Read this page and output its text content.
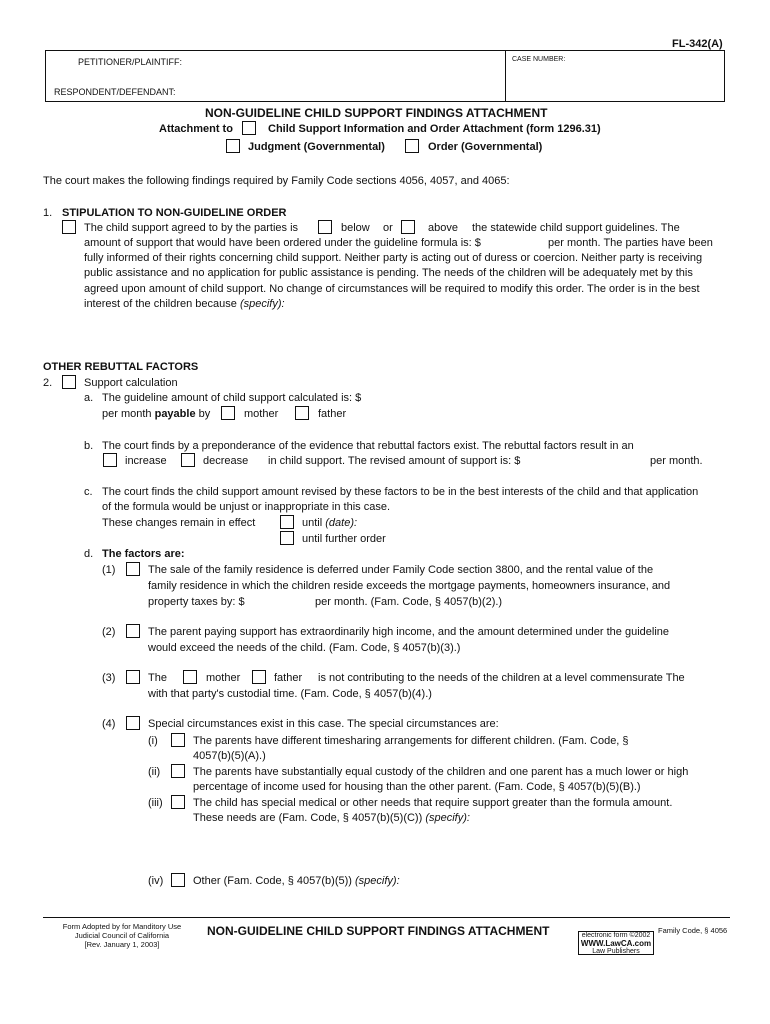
FL-342(A)
PETITIONER/PLAINTIFF:
RESPONDENT/DEFENDANT:
CASE NUMBER:
NON-GUIDELINE CHILD SUPPORT FINDINGS ATTACHMENT
Attachment to	Child Support Information and Order Attachment (form 1296.31)
Judgment (Governmental)	Order (Governmental)
The court makes the following findings required by Family Code sections 4056, 4057, and 4065:
1. STIPULATION TO NON-GUIDELINE ORDER
The child support agreed to by the parties is	below or	above the statewide child support guidelines. The
amount of support that would have been ordered under the guideline formula is: $	per month. The parties have been
fully informed of their rights concerning child support. Neither party is acting out of duress or coercion. Neither party is receiving
public assistance and no application for public assistance is pending. The needs of the children will be adequately met by this
agreed upon amount of child support. No change of circumstances will be required to modify this order. The order is in the best
interest of the children because (specify):
OTHER REBUTTAL FACTORS
2.	Support calculation
a. The guideline amount of child support calculated is: $
per month payable by	mother	father
b. The court finds by a preponderance of the evidence that rebuttal factors exist. The rebuttal factors result in an
increase	decrease in child support. The revised amount of support is: $	per month.
c. The court finds the child support amount revised by these factors to be in the best interests of the child and that application
of the formula would be unjust or inappropriate in this case.
These changes remain in effect	until (date):
until further order
d. The factors are:
(1)	The sale of the family residence is deferred under Family Code section 3800, and the rental value of the
family residence in which the children reside exceeds the mortgage payments, homeowners insurance, and
property taxes by: $	per month. (Fam. Code, § 4057(b)(2).)
(2)	The parent paying support has extraordinarily high income, and the amount determined under the guideline
would exceed the needs of the child. (Fam. Code, § 4057(b)(3).)
(3)	The	mother	father is not contributing to the needs of the children at a level commensurate The
with that party's custodial time. (Fam. Code, § 4057(b)(4).)
(4)	Special circumstances exist in this case. The special circumstances are:
(i)	The parents have different timesharing arrangements for different children. (Fam. Code, §
4057(b)(5)(A).)
(ii)	The parents have substantially equal custody of the children and one parent has a much lower or high
percentage of income used for housing than the other parent. (Fam. Code, § 4057(b)(5)(B).)
(iii)	The child has special medical or other needs that require support greater than the formula amount.
These needs are (Fam. Code, § 4057(b)(5)(C)) (specify):
(iv)	Other (Fam. Code, § 4057(b)(5)) (specify):
Form Adopted by for Manditory Use
Judicial Council of California
[Rev. January 1, 2003]
NON-GUIDELINE CHILD SUPPORT FINDINGS ATTACHMENT	electronic form ©2002
WWW.LawCA.com
Law Publishers
Family Code, § 4056
